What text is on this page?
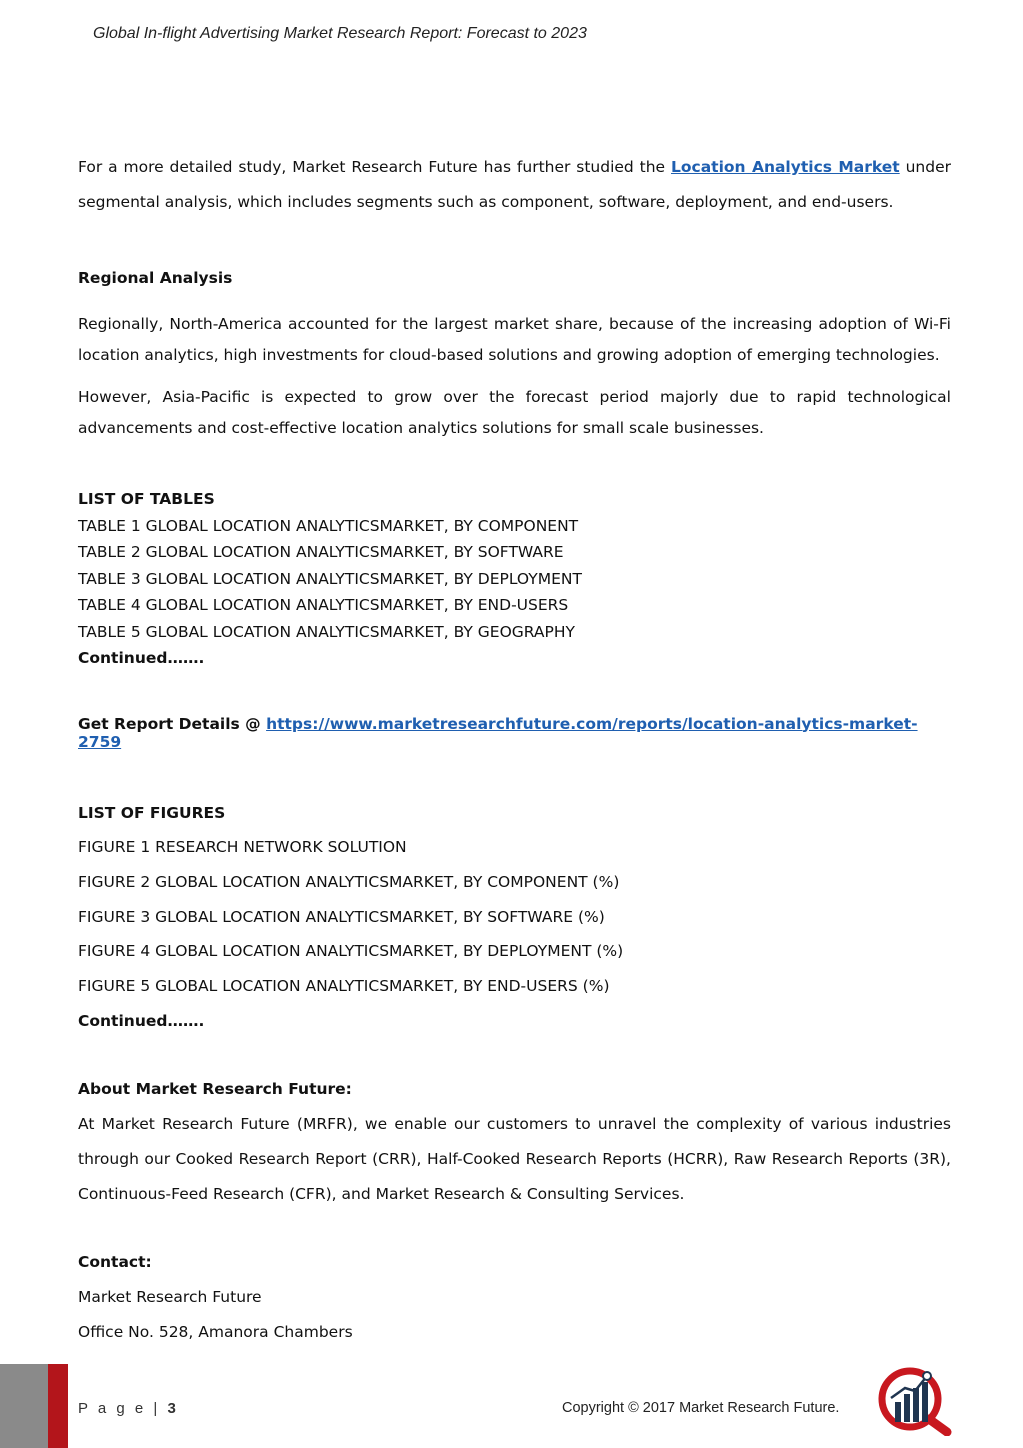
Global In-flight Advertising Market Research Report: Forecast to 2023

For a more detailed study, Market Research Future has further studied the Location Analytics Market under segmental analysis, which includes segments such as component, software, deployment, and end-users.

Regional Analysis

Regionally, North-America accounted for the largest market share, because of the increasing adoption of Wi-Fi location analytics, high investments for cloud-based solutions and growing adoption of emerging technologies.

However, Asia-Pacific is expected to grow over the forecast period majorly due to rapid technological advancements and cost-effective location analytics solutions for small scale businesses.

LIST OF TABLES

TABLE 1 GLOBAL LOCATION ANALYTICSMARKET, BY COMPONENT
TABLE 2 GLOBAL LOCATION ANALYTICSMARKET, BY SOFTWARE
TABLE 3 GLOBAL LOCATION ANALYTICSMARKET, BY DEPLOYMENT
TABLE 4 GLOBAL LOCATION ANALYTICSMARKET, BY END-USERS
TABLE 5 GLOBAL LOCATION ANALYTICSMARKET, BY GEOGRAPHY

Continued…….

Get Report Details @ https://www.marketresearchfuture.com/reports/location-analytics-market-2759

LIST OF FIGURES

FIGURE 1 RESEARCH NETWORK SOLUTION
FIGURE 2 GLOBAL LOCATION ANALYTICSMARKET, BY COMPONENT (%)
FIGURE 3 GLOBAL LOCATION ANALYTICSMARKET, BY SOFTWARE (%)
FIGURE 4 GLOBAL LOCATION ANALYTICSMARKET, BY DEPLOYMENT (%)
FIGURE 5 GLOBAL LOCATION ANALYTICSMARKET, BY END-USERS (%)

Continued…….

About Market Research Future:

At Market Research Future (MRFR), we enable our customers to unravel the complexity of various industries through our Cooked Research Report (CRR), Half-Cooked Research Reports (HCRR), Raw Research Reports (3R), Continuous-Feed Research (CFR), and Market Research & Consulting Services.

Contact:

Market Research Future

Office No. 528, Amanora Chambers

P a g e | 3	Copyright © 2017 Market Research Future.
